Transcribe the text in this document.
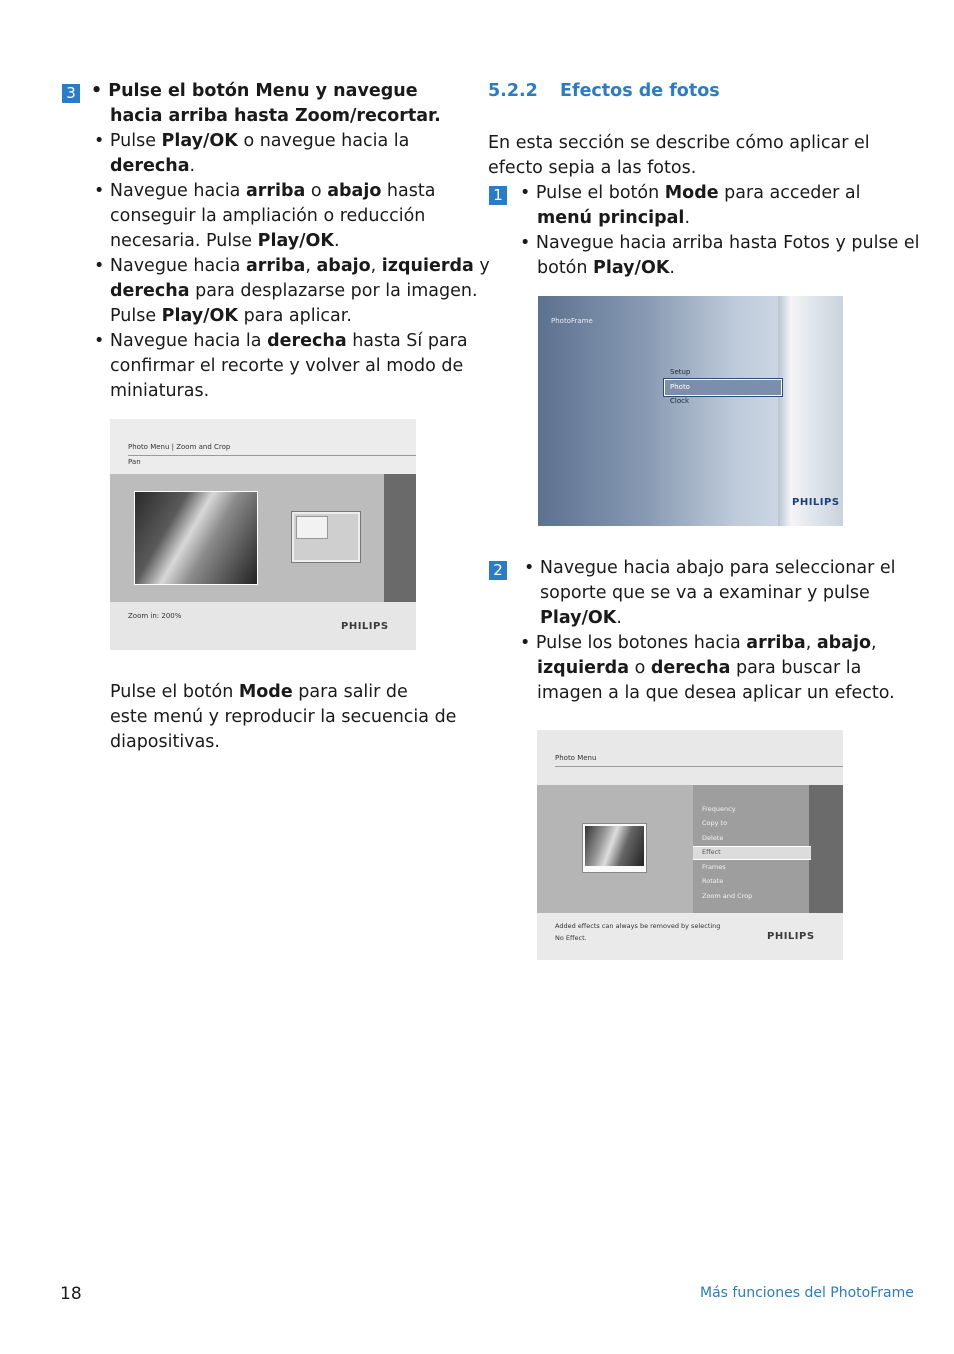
3 • Pulse el botón Menu y navegue
hacia arriba hasta Zoom/recortar.
• Pulse Play/OK o navegue hacia la
derecha.
• Navegue hacia arriba o abajo hasta
conseguir la ampliación o reducción
necesaria. Pulse Play/OK.
• Navegue hacia arriba, abajo, izquierda y
derecha para desplazarse por la imagen.
Pulse Play/OK para aplicar.
• Navegue hacia la derecha hasta Sí para
confirmar el recorte y volver al modo de
miniaturas.
Photo Menu | Zoom and Crop
Pan
Zoom in: 200%
PHILIPS
Pulse el botón Mode para salir de
este menú y reproducir la secuencia de
diapositivas.
5.2.2 Efectos de fotos
En esta sección se describe cómo aplicar el
efecto sepia a las fotos.
1 • Pulse el botón Mode para acceder al
menú principal.
• Navegue hacia arriba hasta Fotos y pulse el
botón Play/OK.
PhotoFrame
Setup
Photo
Clock
PHILIPS
2 • Navegue hacia abajo para seleccionar el
soporte que se va a examinar y pulse
Play/OK.
• Pulse los botones hacia arriba, abajo,
izquierda o derecha para buscar la
imagen a la que desea aplicar un efecto.
Photo Menu
Frequency
Copy to
Delete
Effect
Frames
Rotate
Zoom and Crop
Added effects can always be removed by selecting
No Effect.	PHILIPS
18	Más funciones del PhotoFrame
